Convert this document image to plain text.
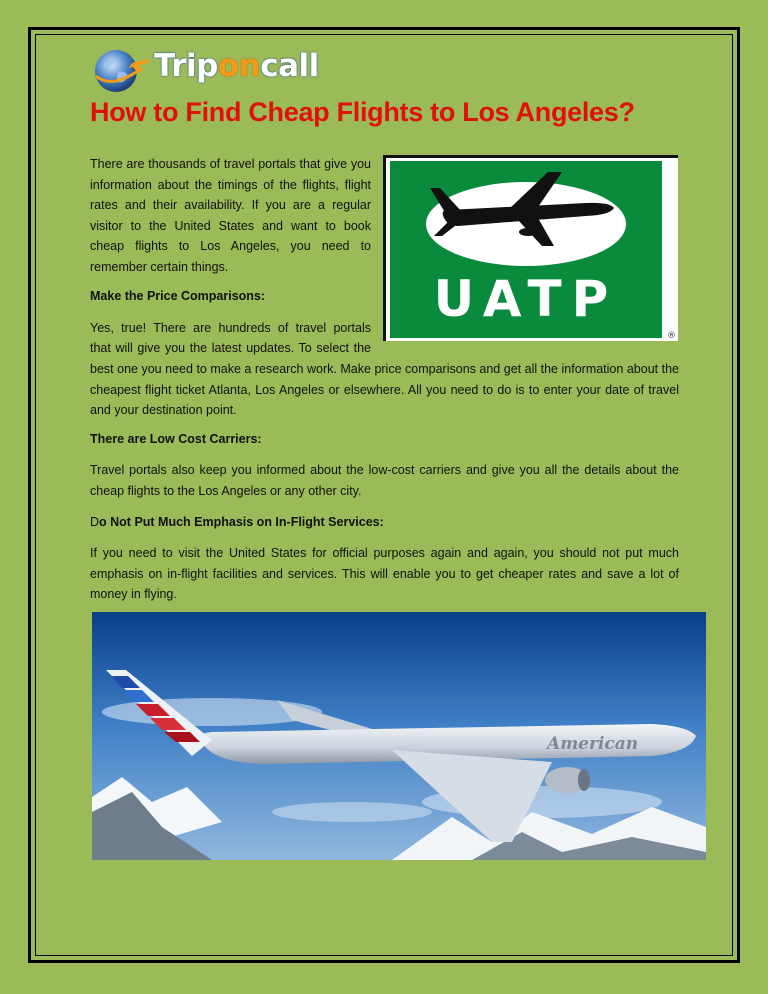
Triponcall
How to Find Cheap Flights to Los Angeles?
There are thousands of travel portals that give you information about the timings of the flights, flight rates and their availability. If you are a regular visitor to the United States and want to book cheap flights to Los Angeles, you need to remember certain things.
Make the Price Comparisons:
Yes, true! There are hundreds of travel portals
that will give you the latest updates. To select the
UATP
®
best one you need to make a research work. Make price comparisons and get all the information about the cheapest flight ticket Atlanta, Los Angeles or elsewhere. All you need to do is to enter your date of travel and your destination point.
There are Low Cost Carriers:
Travel portals also keep you informed about the low-cost carriers and give you all the details about the cheap flights to the Los Angeles or any other city.
Do Not Put Much Emphasis on In-Flight Services:
If you need to visit the United States for official purposes again and again, you should not put much emphasis on in-flight facilities and services. This will enable you to get cheaper rates and save a lot of money in flying.
American
